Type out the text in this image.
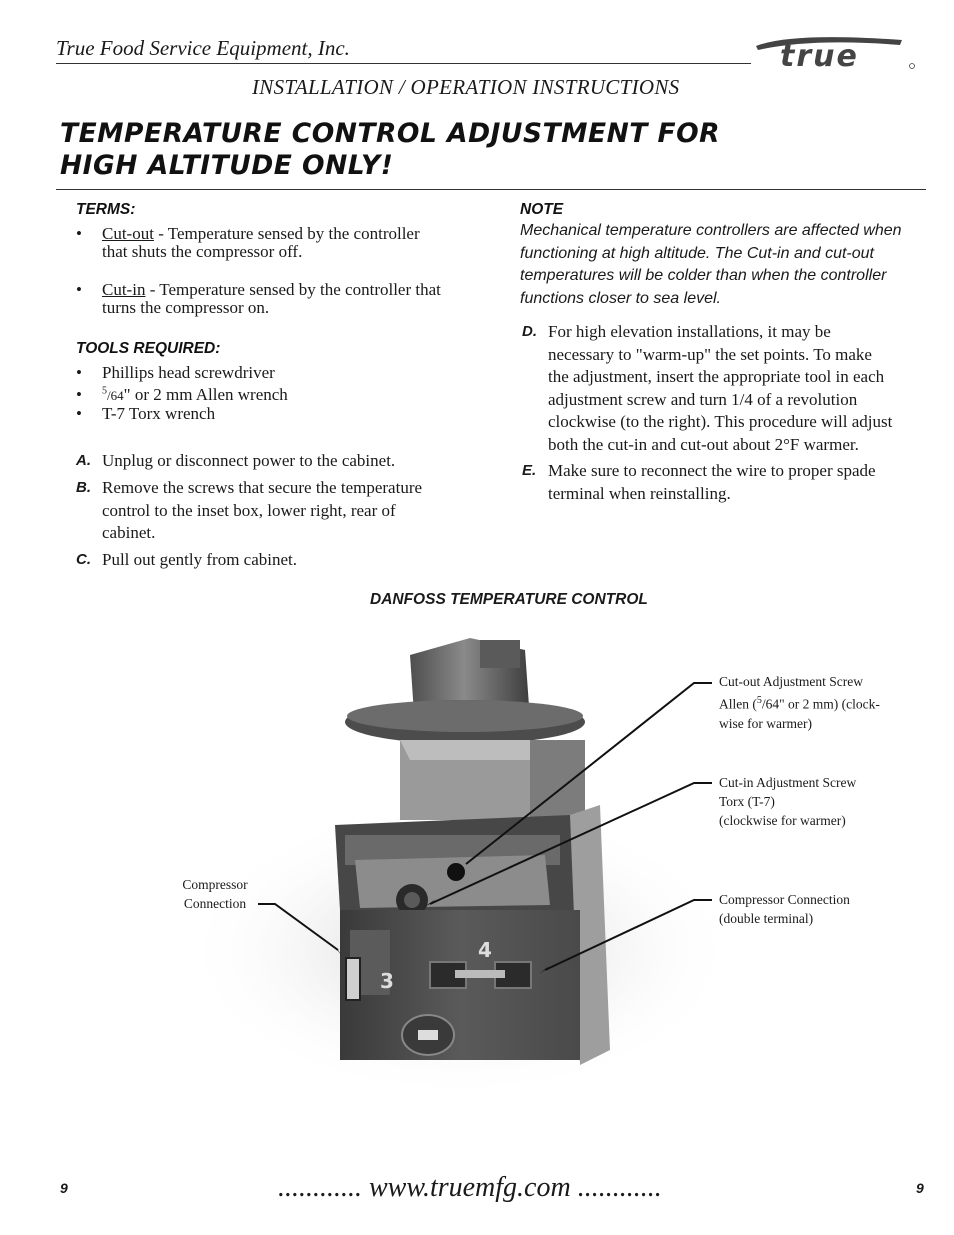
True Food Service Equipment, Inc.	true
INSTALLATION / OPERATION INSTRUCTIONS
TEMPERATURE CONTROL ADJUSTMENT FOR
HIGH ALTITUDE ONLY!
TERMS:
• Cut-out - Temperature sensed by the controller
that shuts the compressor off.
• Cut-in - Temperature sensed by the controller that
turns the compressor on.
TOOLS REQUIRED:
• Phillips head screwdriver
• $^5$/64" or 2 mm Allen wrench
• T-7 Torx wrench
A. Unplug or disconnect power to the cabinet.
B. Remove the screws that secure the temperature
control to the inset box, lower right, rear of
cabinet.
C. Pull out gently from cabinet.
NOTE
Mechanical temperature controllers are affected when
functioning at high altitude. The Cut-in and cut-out
temperatures will be colder than when the controller
functions closer to sea level.
D. For high elevation installations, it may be
necessary to "warm-up" the set points. To make
the adjustment, insert the appropriate tool in each
adjustment screw and turn 1/4 of a revolution
clockwise (to the right). This procedure will adjust
both the cut-in and cut-out about 2°F warmer.
E. Make sure to reconnect the wire to proper spade
terminal when reinstalling.
DANFOSS TEMPERATURE CONTROL
3
4
Cut-out Adjustment Screw
Allen ($^5$/64" or 2 mm) (clock-
wise for warmer)
Cut-in Adjustment Screw
Torx (T-7)
(clockwise for warmer)
Compressor Connection
(double terminal)
Compressor
Connection
9	............ www.truemfg.com ............	9
